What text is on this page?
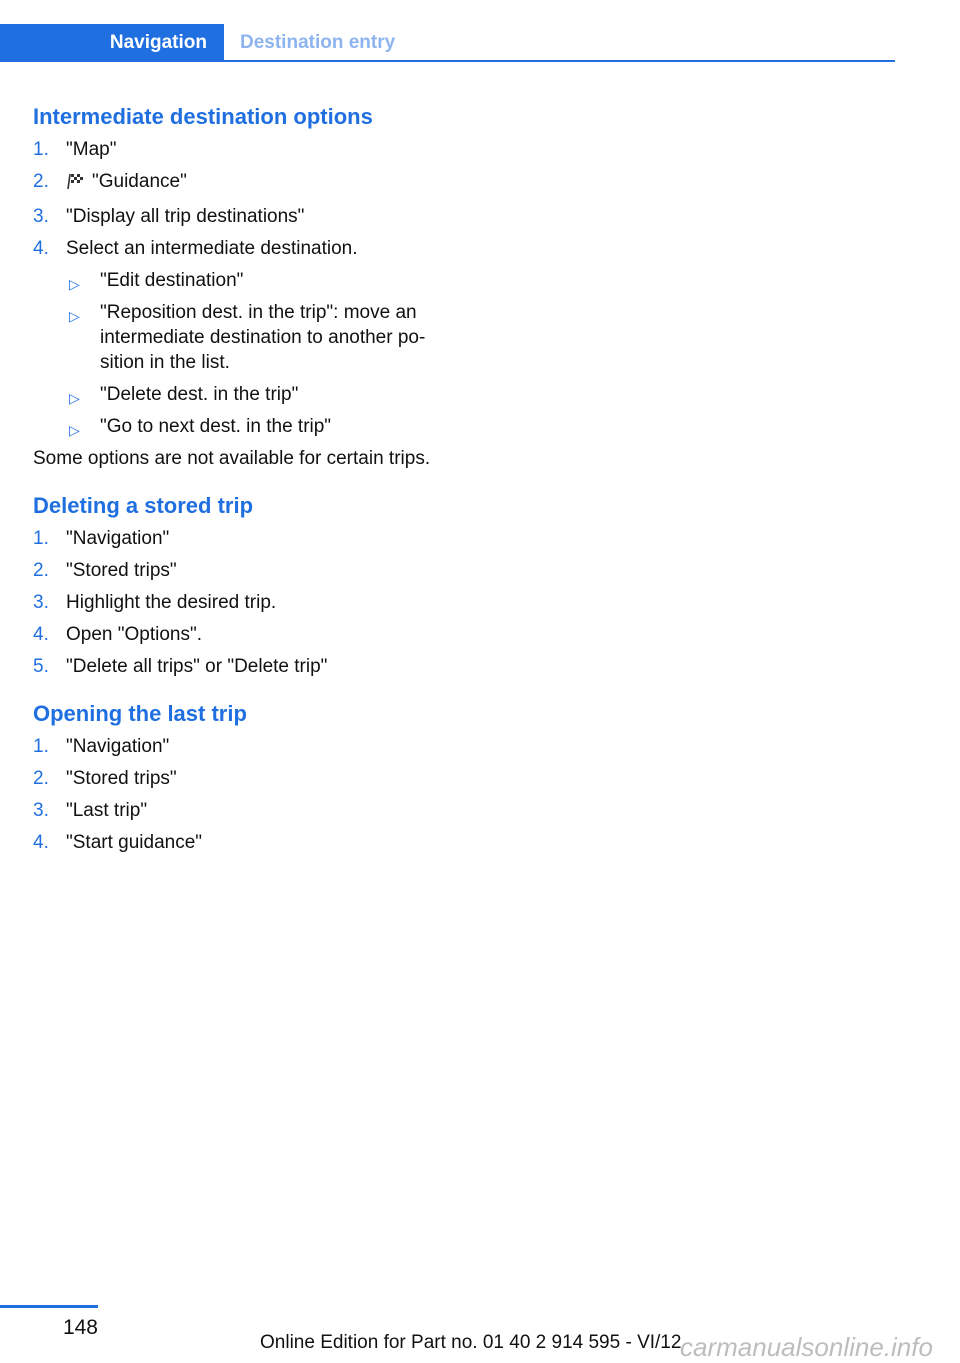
Navigation	Destination entry
Intermediate destination options
1. "Map"
2.	"Guidance"
3. "Display all trip destinations"
4. Select an intermediate destination.
▷ "Edit destination"
▷ "Reposition dest. in the trip": move an intermediate destination to another po‐ sition in the list.
▷ "Delete dest. in the trip"
▷ "Go to next dest. in the trip"
Some options are not available for certain trips.
Deleting a stored trip
1. "Navigation"
2. "Stored trips"
3. Highlight the desired trip.
4. Open "Options".
5. "Delete all trips" or "Delete trip"
Opening the last trip
1. "Navigation"
2. "Stored trips"
3. "Last trip"
4. "Start guidance"
148
Online Edition for Part no. 01 40 2 914 595 - VI/12
carmanualsonline.info
